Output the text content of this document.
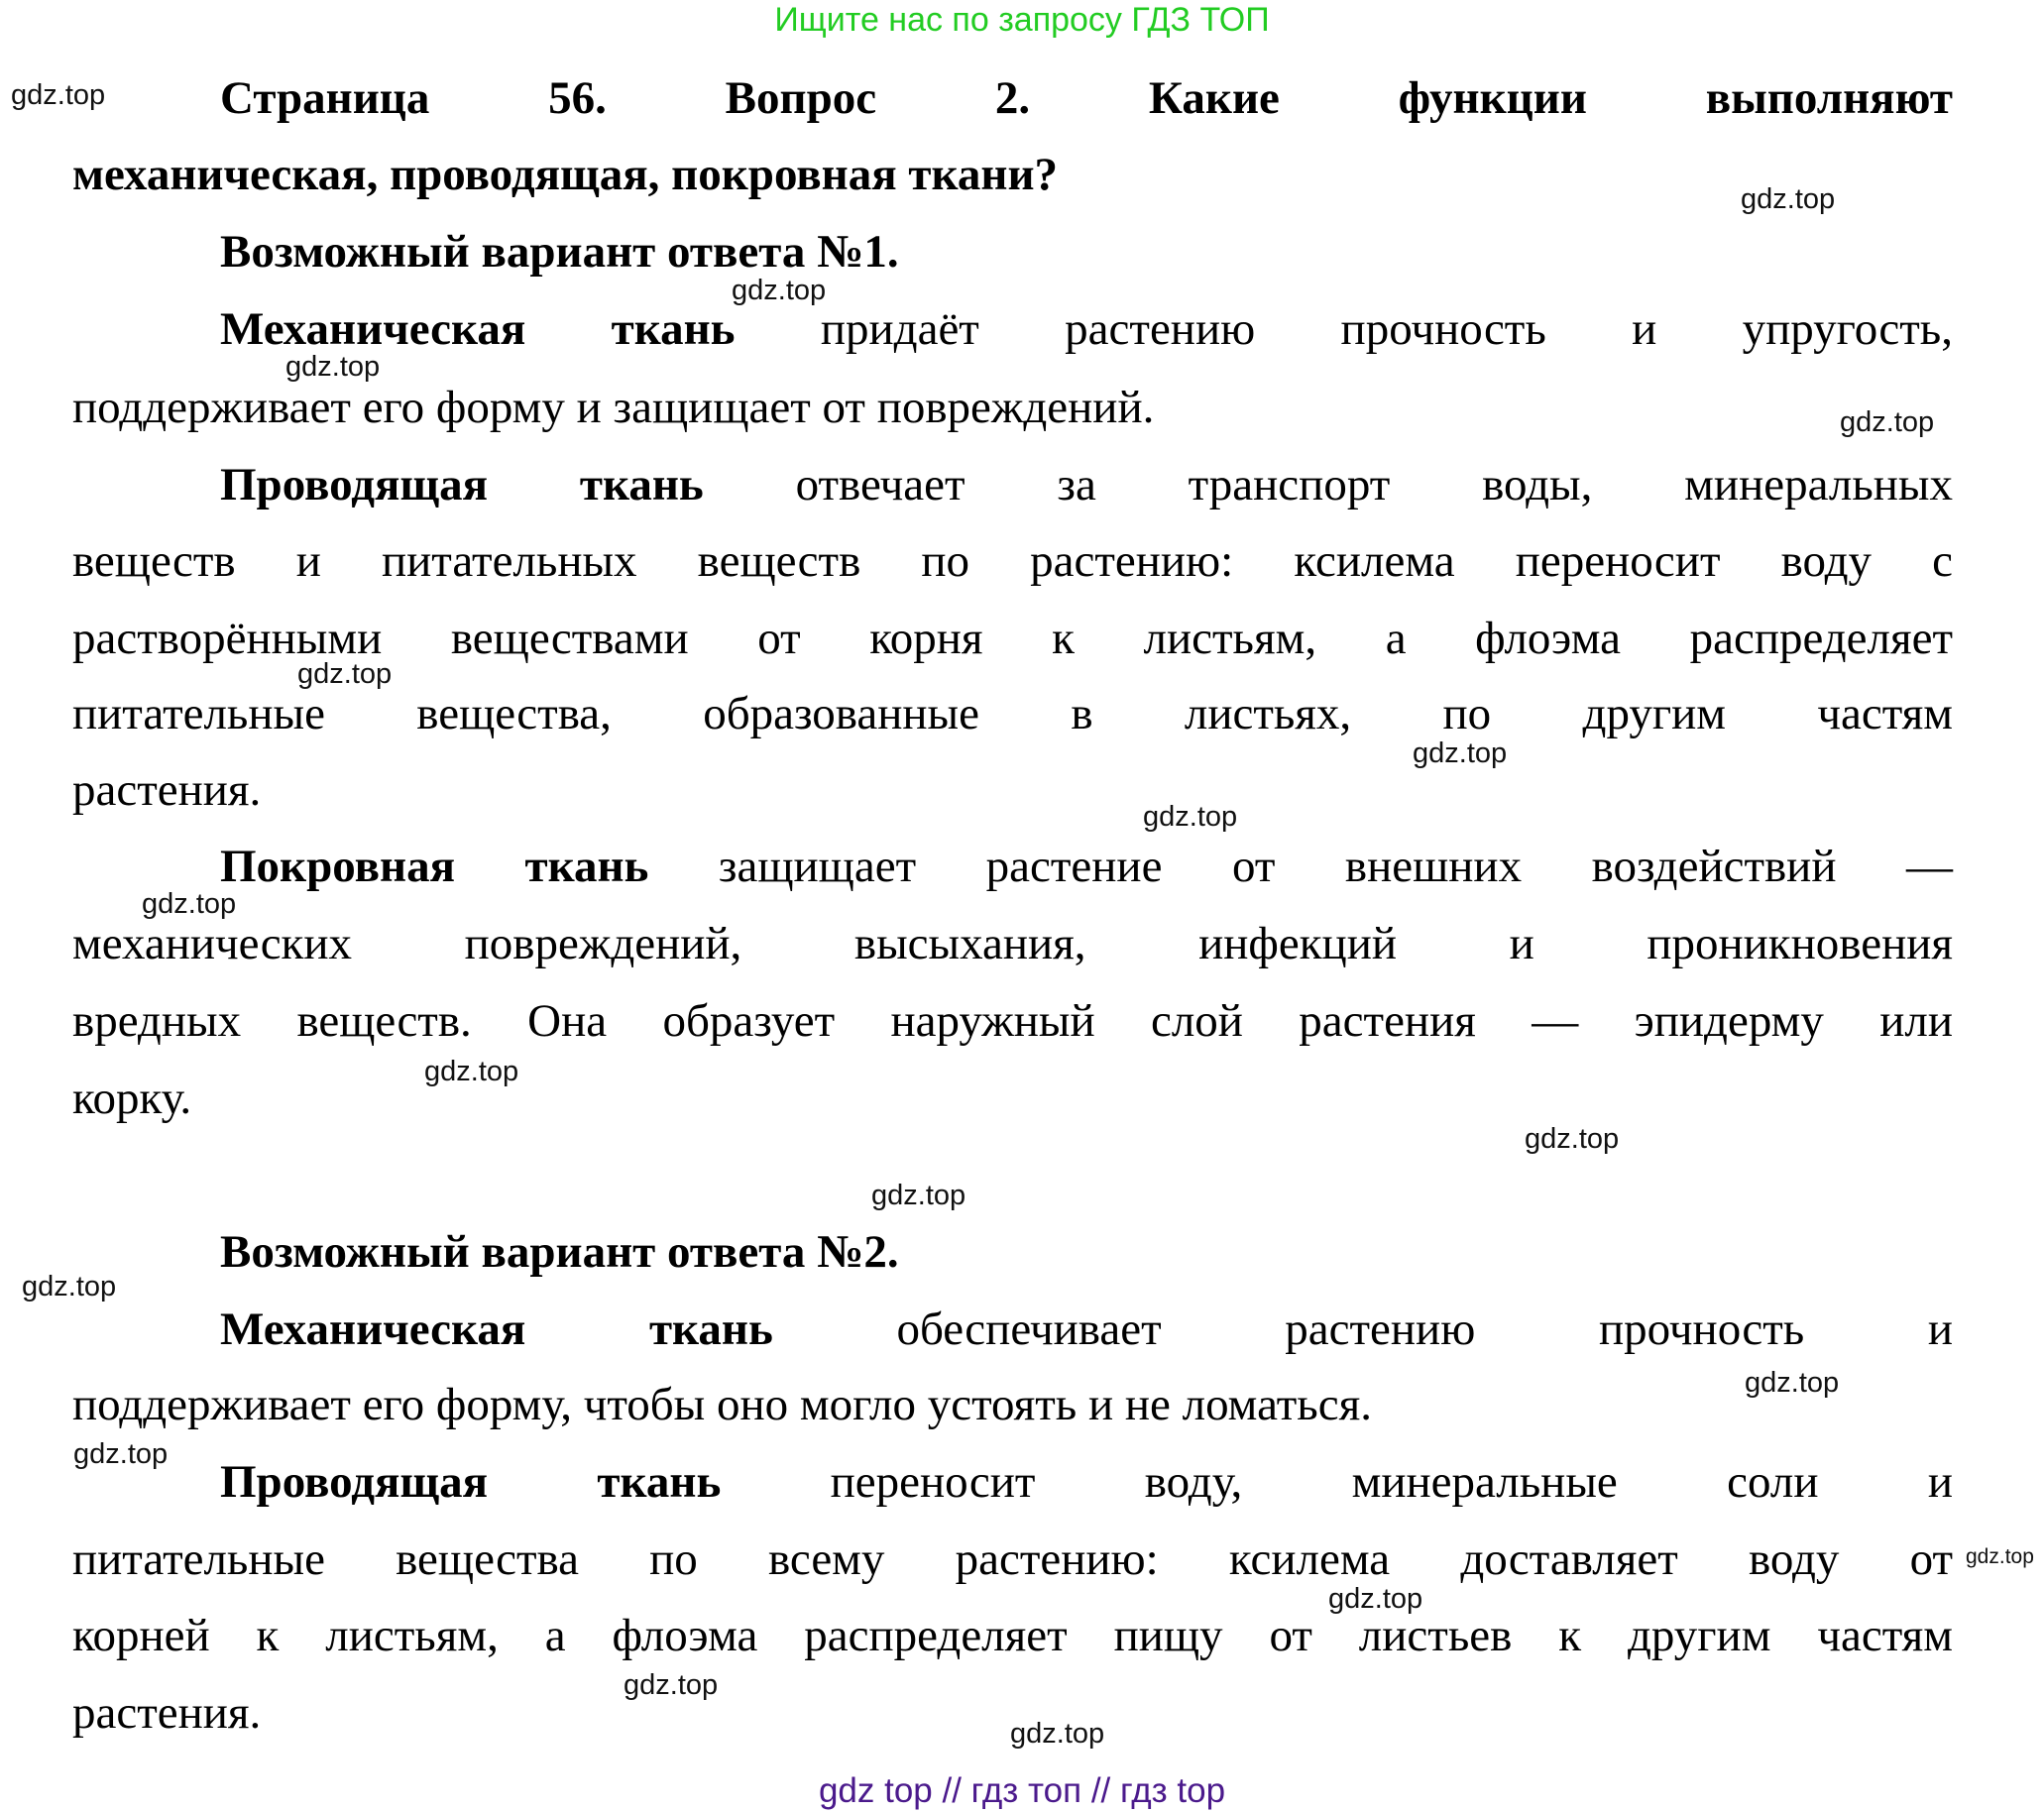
Ищите нас по запросу ГДЗ ТОП
Страница 56. Вопрос 2. Какие функции выполняют
механическая, проводящая, покровная ткани?
Возможный вариант ответа №1.
Механическая ткань придаёт растению прочность и упругость,
поддерживает его форму и защищает от повреждений.
Проводящая ткань отвечает за транспорт воды, минеральных
веществ и питательных веществ по растению: ксилема переносит воду с
растворёнными веществами от корня к листьям, а флоэма распределяет
питательные вещества, образованные в листьях, по другим частям
растения.
Покровная ткань защищает растение от внешних воздействий —
механических повреждений, высыхания, инфекций и проникновения
вредных веществ. Она образует наружный слой растения — эпидерму или
корку.
Возможный вариант ответа №2.
Механическая ткань обеспечивает растению прочность и
поддерживает его форму, чтобы оно могло устоять и не ломаться.
Проводящая ткань переносит воду, минеральные соли и
питательные вещества по всему растению: ксилема доставляет воду от
корней к листьям, а флоэма распределяет пищу от листьев к другим частям
растения.
gdz.top
gdz.top
gdz.top
gdz.top
gdz.top
gdz.top
gdz.top
gdz.top
gdz.top
gdz.top
gdz.top
gdz.top
gdz.top
gdz.top
gdz.top
gdz.top
gdz.top
gdz.top
gdz.top
gdz top // гдз топ // гдз top
